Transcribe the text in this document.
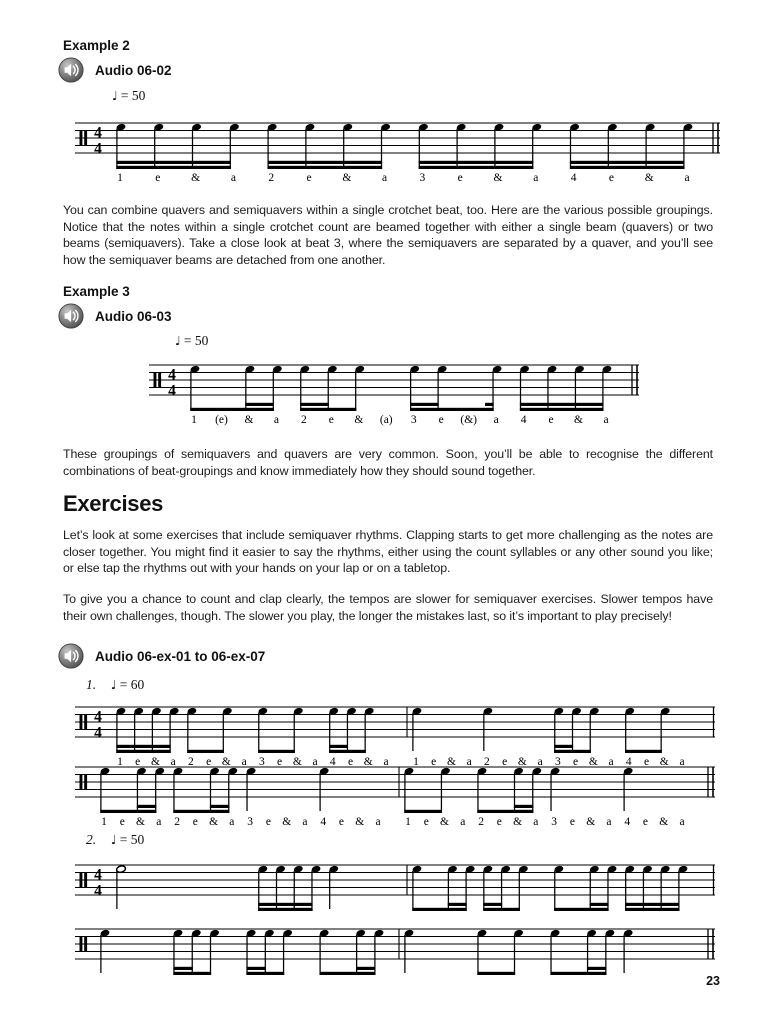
Example 2
Audio 06-02
♩ = 50
4
4
1	e	&	a	2	e	&	a	3	e	&	a	4	e	&	a

You can combine quavers and semiquavers within a single crotchet beat, too. Here are the various possible groupings. Notice that the notes within a single crotchet count are beamed together with either a single beam (quavers) or two beams (semiquavers). Take a close look at beat 3, where the semiquavers are separated by a quaver, and you’ll see how the semiquaver beams are detached from one another.

Example 3
Audio 06-03
♩ = 50
4
4
1 (e) & a 2 e & (a) 3 e (&) a 4 e & a

These groupings of semiquavers and quavers are very common. Soon, you’ll be able to recognise the different combinations of beat-groupings and know immediately how they should sound together.

Exercises

Let’s look at some exercises that include semiquaver rhythms. Clapping starts to get more challenging as the notes are closer together. You might find it easier to say the rhythms, either using the count syllables or any other sound you like; or else tap the rhythms out with your hands on your lap or on a tabletop.

To give you a chance to count and clap clearly, the tempos are slower for semiquaver exercises. Slower tempos have their own challenges, though. The slower you play, the longer the mistakes last, so it’s important to play precisely!

Audio 06-ex-01 to 06-ex-07
1. ♩ = 60
4
4
1 e & a 2 e & a 3 e & a 4 e & a 1 e & a 2 e & a 3 e & a 4 e & a
1 e & a 2 e & a 3 e & a 4 e & a 1 e & a 2 e & a 3 e & a 4 e & a
2. ♩ = 50
4
4
23
